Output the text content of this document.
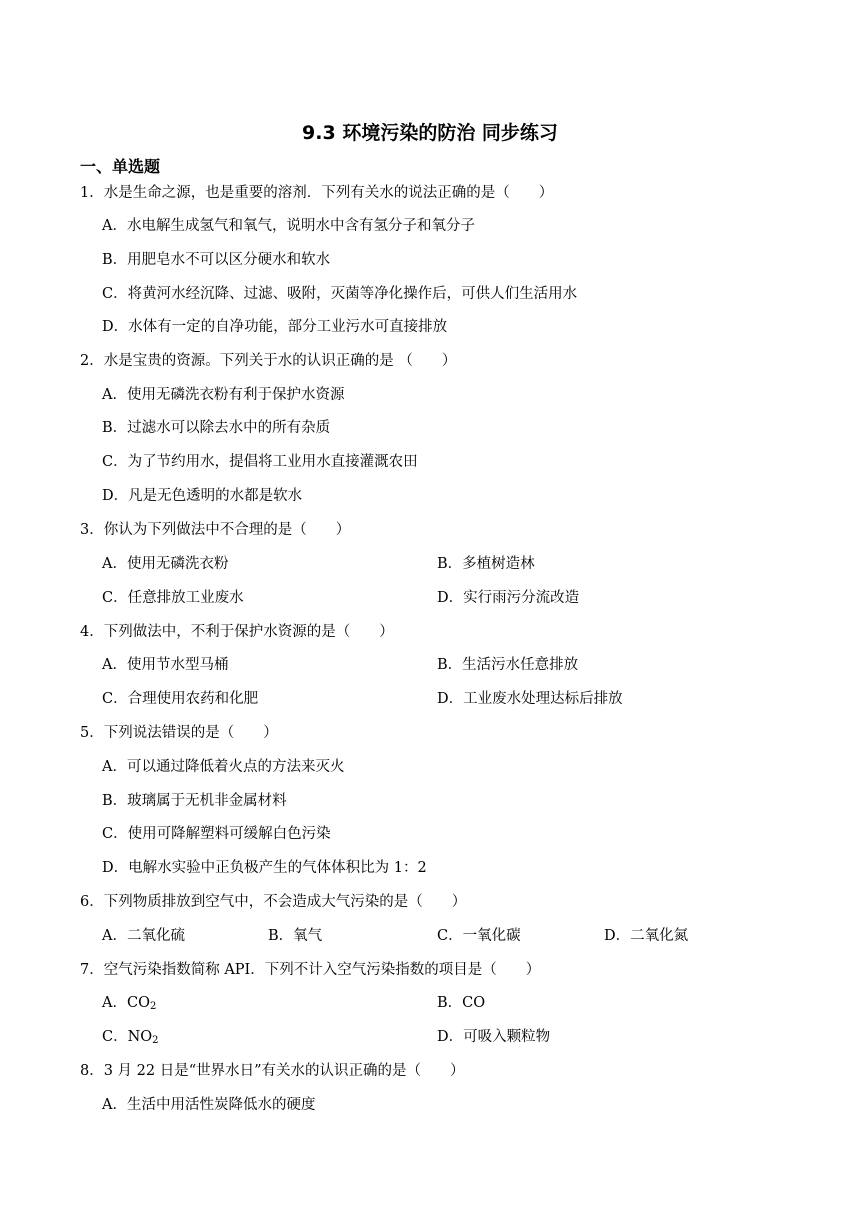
9.3 环境污染的防治 同步练习
一、单选题
1．水是生命之源，也是重要的溶剂．下列有关水的说法正确的是（　　）
A．水电解生成氢气和氧气，说明水中含有氢分子和氧分子
B．用肥皂水不可以区分硬水和软水
C．将黄河水经沉降、过滤、吸附，灭菌等净化操作后，可供人们生活用水
D．水体有一定的自净功能，部分工业污水可直接排放
2．水是宝贵的资源。下列关于水的认识正确的是 （　　）
A．使用无磷洗衣粉有利于保护水资源
B．过滤水可以除去水中的所有杂质
C．为了节约用水，提倡将工业用水直接灌溉农田
D．凡是无色透明的水都是软水
3．你认为下列做法中不合理的是（　　）
A．使用无磷洗衣粉	B．多植树造林
C．任意排放工业废水	D．实行雨污分流改造
4．下列做法中，不利于保护水资源的是（　　）
A．使用节水型马桶	B．生活污水任意排放
C．合理使用农药和化肥	D．工业废水处理达标后排放
5．下列说法错误的是（　　）
A．可以通过降低着火点的方法来灭火
B．玻璃属于无机非金属材料
C．使用可降解塑料可缓解白色污染
D．电解水实验中正负极产生的气体体积比为 1：2
6．下列物质排放到空气中，不会造成大气污染的是（　　）
A．二氧化硫	B．氧气	C．一氧化碳	D．二氧化氮
7．空气污染指数简称 API．下列不计入空气污染指数的项目是（　　）
A．$CO_2$	B．CO
C．$NO_2$	D．可吸入颗粒物
8．3 月 22 日是“世界水日”有关水的认识正确的是（　　）
A．生活中用活性炭降低水的硬度
